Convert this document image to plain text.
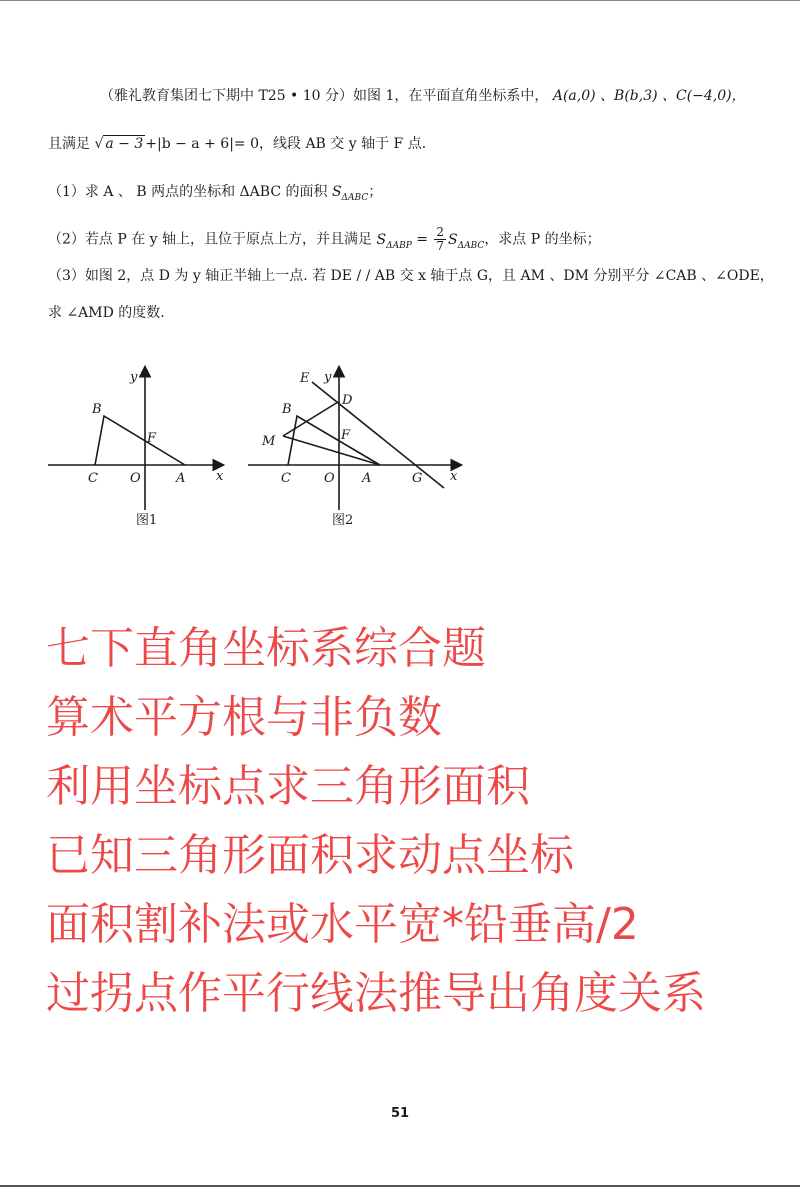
（雅礼教育集团七下期中 T25 • 10 分）如图 1，在平面直角坐标系中， A(a,0) 、B(b,3) 、C(−4,0)，
且满足 √ a − 3 +|b − a + 6|= 0，线段 AB 交 y 轴于 F 点.
（1）求 A 、 B 两点的坐标和 ΔABC 的面积 $S_{\Delta ABC}$；
（2）若点 P 在 y 轴上，且位于原点上方，并且满足 $S_{\Delta ABP} = \frac{2}{7} S_{\Delta ABC}$，求点 P 的坐标；
（3）如图 2，点 D 为 y 轴正半轴上一点. 若 DE / / AB 交 x 轴于点 G，且 AM 、DM 分别平分 ∠CAB 、∠ODE，
求 ∠AMD 的度数.
y
x
B
F
C O	A
图1
y
x
E
D
B
M	F
C	O A	G
图2
七下直角坐标系综合题
算术平方根与非负数
利用坐标点求三角形面积
已知三角形面积求动点坐标
面积割补法或水平宽*铅垂高/2
过拐点作平行线法推导出角度关系
51
